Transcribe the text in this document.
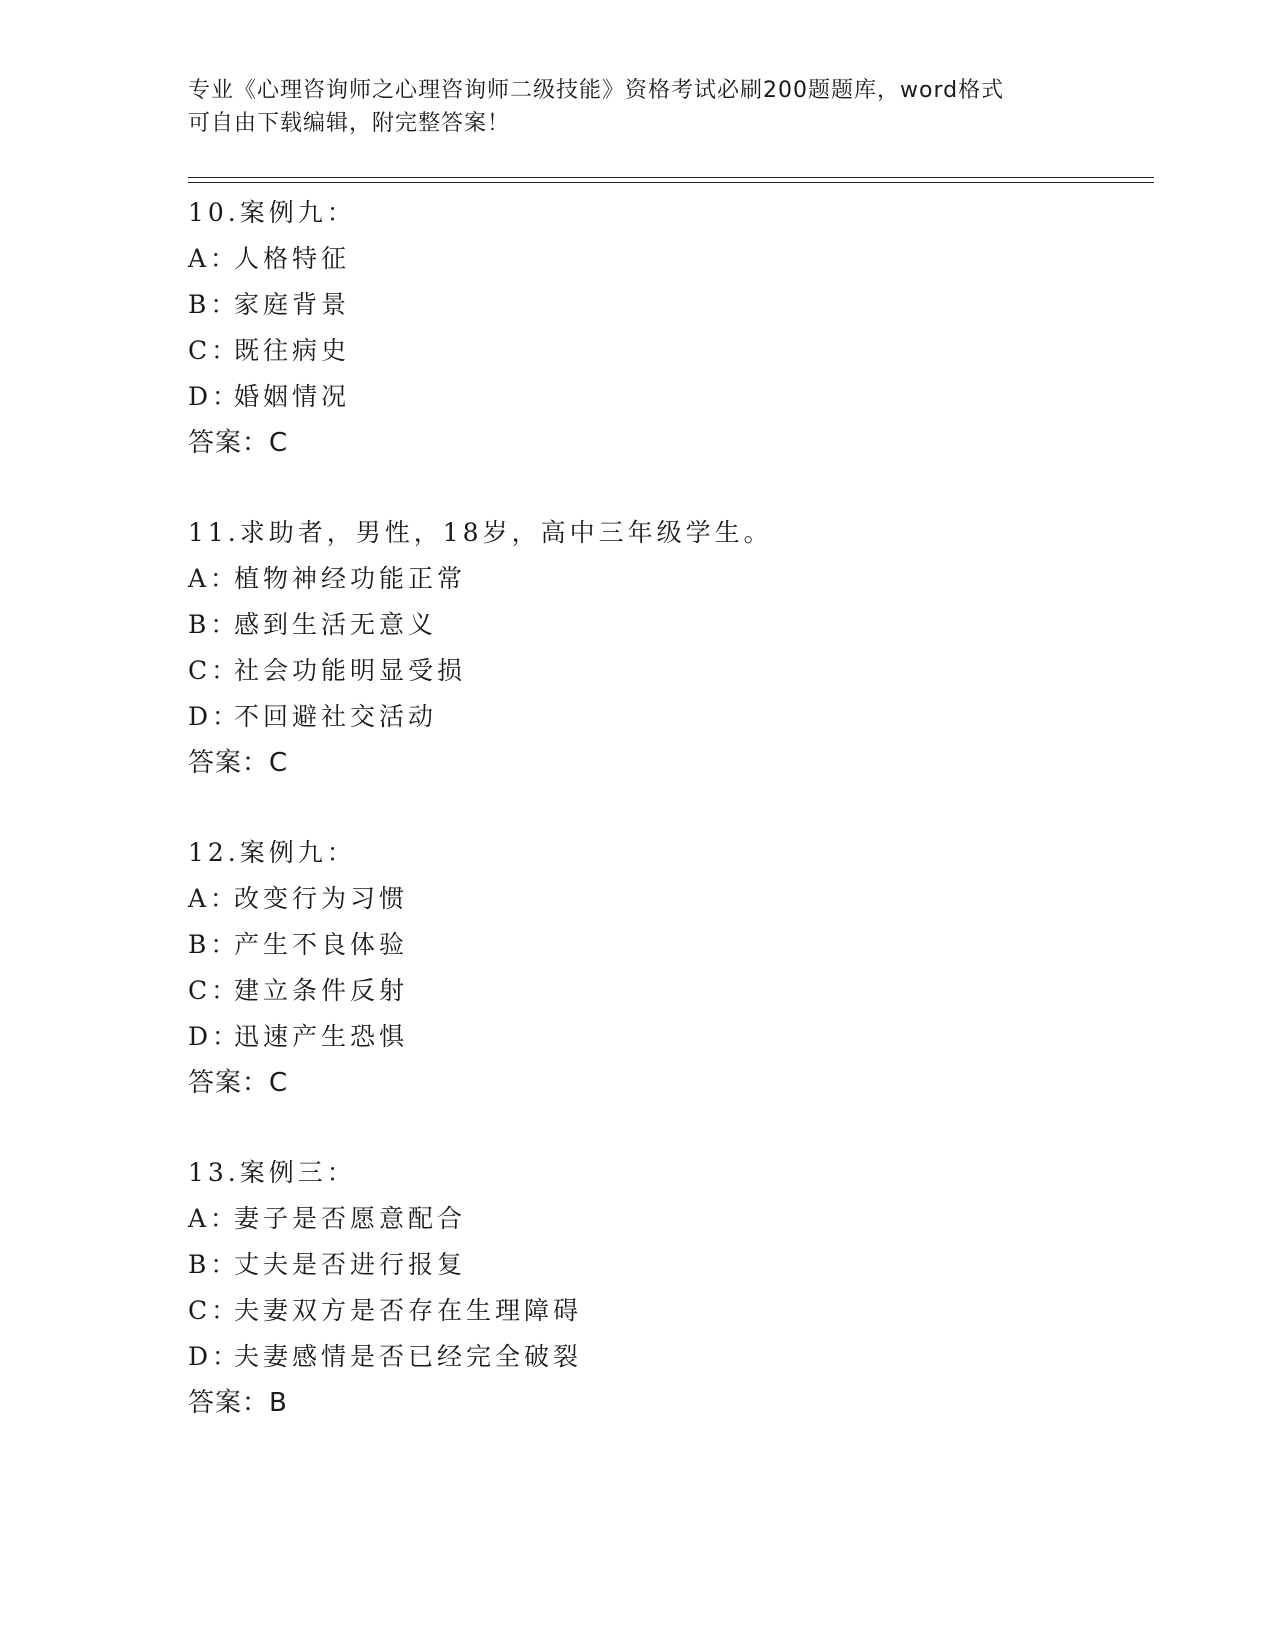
专业《心理咨询师之心理咨询师二级技能》资格考试必刷200题题库，word格式
可自由下载编辑，附完整答案！
10.案例九：
A：人格特征
B：家庭背景
C：既往病史
D：婚姻情况
答案：C
11.求助者，男性，18岁，高中三年级学生。
A：植物神经功能正常
B：感到生活无意义
C：社会功能明显受损
D：不回避社交活动
答案：C
12.案例九：
A：改变行为习惯
B：产生不良体验
C：建立条件反射
D：迅速产生恐惧
答案：C
13.案例三：
A：妻子是否愿意配合
B：丈夫是否进行报复
C：夫妻双方是否存在生理障碍
D：夫妻感情是否已经完全破裂
答案：B
